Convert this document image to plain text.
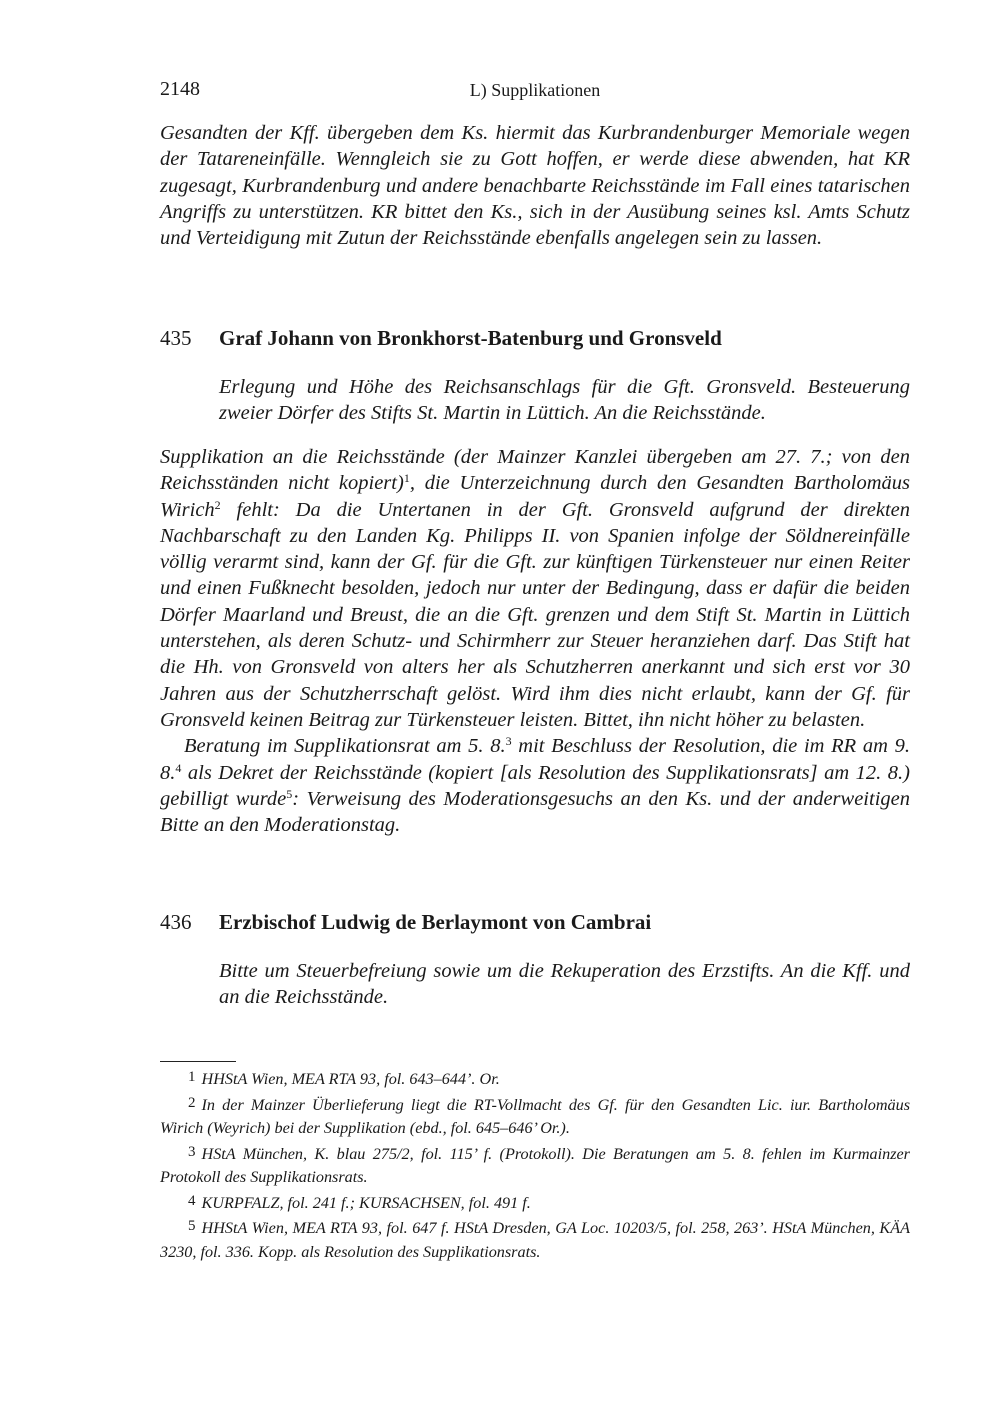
2148	L) Supplikationen

Gesandten der Kff. übergeben dem Ks. hiermit das Kurbrandenburger Memoriale wegen der Tatareneinfälle. Wenngleich sie zu Gott hoffen, er werde diese abwenden, hat KR zugesagt, Kurbrandenburg und andere benachbarte Reichsstände im Fall eines tatarischen Angriffs zu unterstützen. KR bittet den Ks., sich in der Ausübung seines ksl. Amts Schutz und Verteidigung mit Zutun der Reichsstände ebenfalls angelegen sein zu lassen.

435 Graf Johann von Bronkhorst-Batenburg und Gronsveld

Erlegung und Höhe des Reichsanschlags für die Gft. Gronsveld. Besteuerung zweier Dörfer des Stifts St. Martin in Lüttich. An die Reichsstände.

Supplikation an die Reichsstände (der Mainzer Kanzlei übergeben am 27. 7.; von den Reichsständen nicht kopiert)$^1$, die Unterzeichnung durch den Gesandten Bartholomäus Wirich$^2$ fehlt: Da die Untertanen in der Gft. Gronsveld aufgrund der direkten Nachbarschaft zu den Landen Kg. Philipps II. von Spanien infolge der Söldnereinfälle völlig verarmt sind, kann der Gf. für die Gft. zur künftigen Türkensteuer nur einen Reiter und einen Fußknecht besolden, jedoch nur unter der Bedingung, dass er dafür die beiden Dörfer Maarland und Breust, die an die Gft. grenzen und dem Stift St. Martin in Lüttich unterstehen, als deren Schutz- und Schirmherr zur Steuer heranziehen darf. Das Stift hat die Hh. von Gronsveld von alters her als Schutzherren anerkannt und sich erst vor 30 Jahren aus der Schutzherrschaft gelöst. Wird ihm dies nicht erlaubt, kann der Gf. für Gronsveld keinen Beitrag zur Türkensteuer leisten. Bittet, ihn nicht höher zu belasten.

Beratung im Supplikationsrat am 5. 8.$^3$ mit Beschluss der Resolution, die im RR am 9. 8.$^4$ als Dekret der Reichsstände (kopiert [als Resolution des Supplikationsrats] am 12. 8.) gebilligt wurde$^5$: Verweisung des Moderationsgesuchs an den Ks. und der anderweitigen Bitte an den Moderationstag.

436 Erzbischof Ludwig de Berlaymont von Cambrai

Bitte um Steuerbefreiung sowie um die Rekuperation des Erzstifts. An die Kff. und an die Reichsstände.

1 HHStA Wien, MEA RTA 93, fol. 643–644’. Or.

2 In der Mainzer Überlieferung liegt die RT-Vollmacht des Gf. für den Gesandten Lic. iur. Bartholomäus Wirich (Weyrich) bei der Supplikation (ebd., fol. 645–646’ Or.).

3 HStA München, K. blau 275/2, fol. 115’ f. (Protokoll). Die Beratungen am 5. 8. fehlen im Kurmainzer Protokoll des Supplikationsrats.

4 KURPFALZ, fol. 241 f.; KURSACHSEN, fol. 491 f.

5 HHStA Wien, MEA RTA 93, fol. 647 f. HStA Dresden, GA Loc. 10203/5, fol. 258, 263’. HStA München, KÄA 3230, fol. 336. Kopp. als Resolution des Supplikationsrats.
